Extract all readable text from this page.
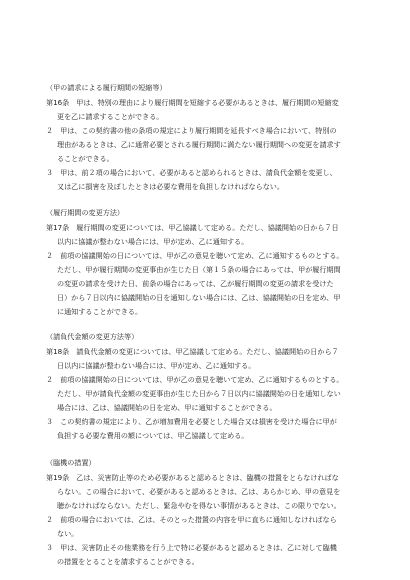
（甲の請求による履行期間の短縮等）
第16条　甲は、特別の理由により履行期間を短縮する必要があるときは、履行期間の短縮変
更を乙に請求することができる。
２　甲は、この契約書の他の条項の規定により履行期間を延長すべき場合において、特別の
理由があるときは、乙に通常必要とされる履行期間に満たない履行期間への変更を請求す
ることができる。
３　甲は、前２項の場合において、必要があると認められるときは、請負代金額を変更し、
又は乙に損害を及ぼしたときは必要な費用を負担しなければならない。
（履行期間の変更方法）
第17条　履行期間の変更については、甲乙協議して定める。ただし、協議開始の日から７日
以内に協議が整わない場合には、甲が定め、乙に通知する。
２　前項の協議開始の日については、甲が乙の意見を聴いて定め、乙に通知するものとする。
ただし、甲が履行期間の変更事由が生じた日（第１５条の場合にあっては、甲が履行期間
の変更の請求を受けた日、前条の場合にあっては、乙が履行期間の変更の請求を受けた
日）から７日以内に協議開始の日を通知しない場合には、乙は、協議開始の日を定め、甲
に通知することができる。
（請負代金額の変更方法等）
第18条　請負代金額の変更については、甲乙協議して定める。ただし、協議開始の日から７
日以内に協議が整わない場合には、甲が定め、乙に通知する。
２　前項の協議開始の日については、甲が乙の意見を聴いて定め、乙に通知するものとする。
ただし、甲が請負代金額の変更事由が生じた日から７日以内に協議開始の日を通知しない
場合には、乙は、協議開始の日を定め、甲に通知することができる。
３　この契約書の規定により、乙が増加費用を必要とした場合又は損害を受けた場合に甲が
負担する必要な費用の額については、甲乙協議して定める。
（臨機の措置）
第19条　乙は、災害防止等のため必要があると認めるときは、臨機の措置をとらなければな
らない。この場合において、必要があると認めるときは、乙は、あらかじめ、甲の意見を
聴かなければならない。ただし、緊急やむを得ない事情があるときは、この限りでない。
２　前項の場合においては、乙は、そのとった措置の内容を甲に直ちに通知しなければなら
ない。
３　甲は、災害防止その他業務を行う上で特に必要があると認めるときは、乙に対して臨機
の措置をとることを請求することができる。
